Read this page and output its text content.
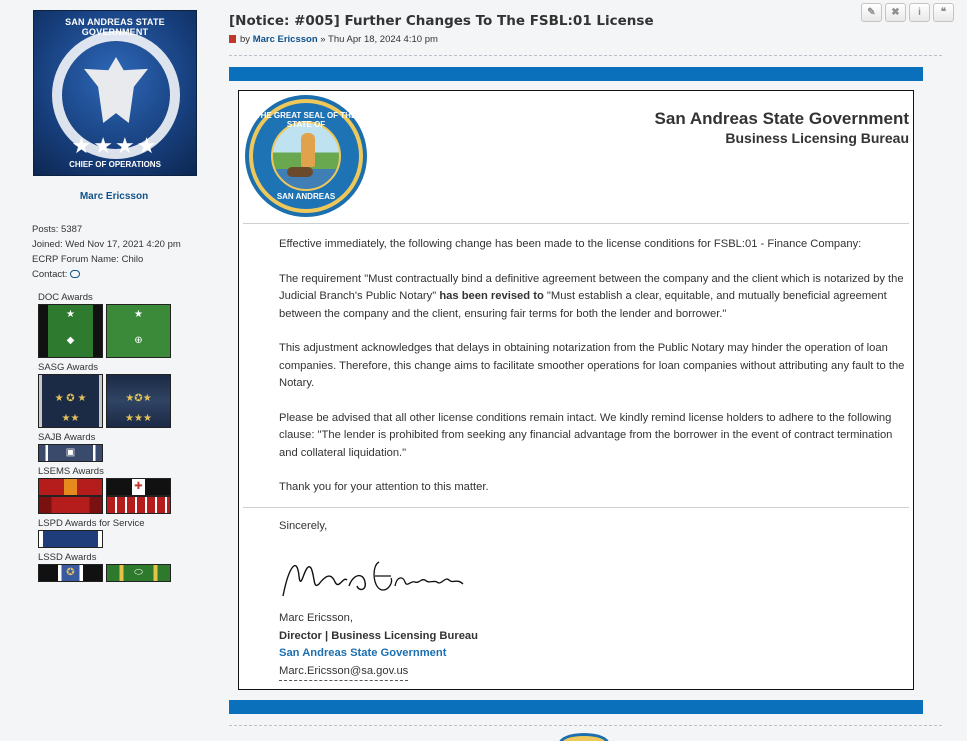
SAN ANDREAS STATE GOVERNMENT
★★★★
CHIEF OF OPERATIONS
Marc Ericsson
Posts: 5387
Joined: Wed Nov 17, 2021 4:20 pm
ECRP Forum Name: Chilo
Contact:
DOC Awards
★
◆
★
⊕
SASG Awards
★ ✪ ★
★★
★✪★
★★★
SAJB Awards
▣
LSEMS Awards
✚
LSPD Awards for Service
LSSD Awards
✪	⬭
[Notice: #005] Further Changes To The FSBL:01 License
by Marc Ericsson » Thu Apr 18, 2024 4:10 pm
✎	✖	i	❝
THE GREAT SEAL OF THE STATE OF
SAN ANDREAS
San Andreas State Government
Business Licensing Bureau

Effective immediately, the following change has been made to the license conditions for FSBL:01 - Finance Company:

The requirement "Must contractually bind a definitive agreement between the company and the client which is notarized by the Judicial Branch's Public Notary" has been revised to "Must establish a clear, equitable, and mutually beneficial agreement between the company and the client, ensuring fair terms for both the lender and borrower."

This adjustment acknowledges that delays in obtaining notarization from the Public Notary may hinder the operation of loan companies. Therefore, this change aims to facilitate smoother operations for loan companies without attributing any fault to the Notary.

Please be advised that all other license conditions remain intact. We kindly remind license holders to adhere to the following clause: "The lender is prohibited from seeking any financial advantage from the borrower in the event of contract termination and collateral liquidation."

Thank you for your attention to this matter.

Sincerely,
Marc Ericsson,
Director | Business Licensing Bureau
San Andreas State Government
Marc.Ericsson@sa.gov.us
